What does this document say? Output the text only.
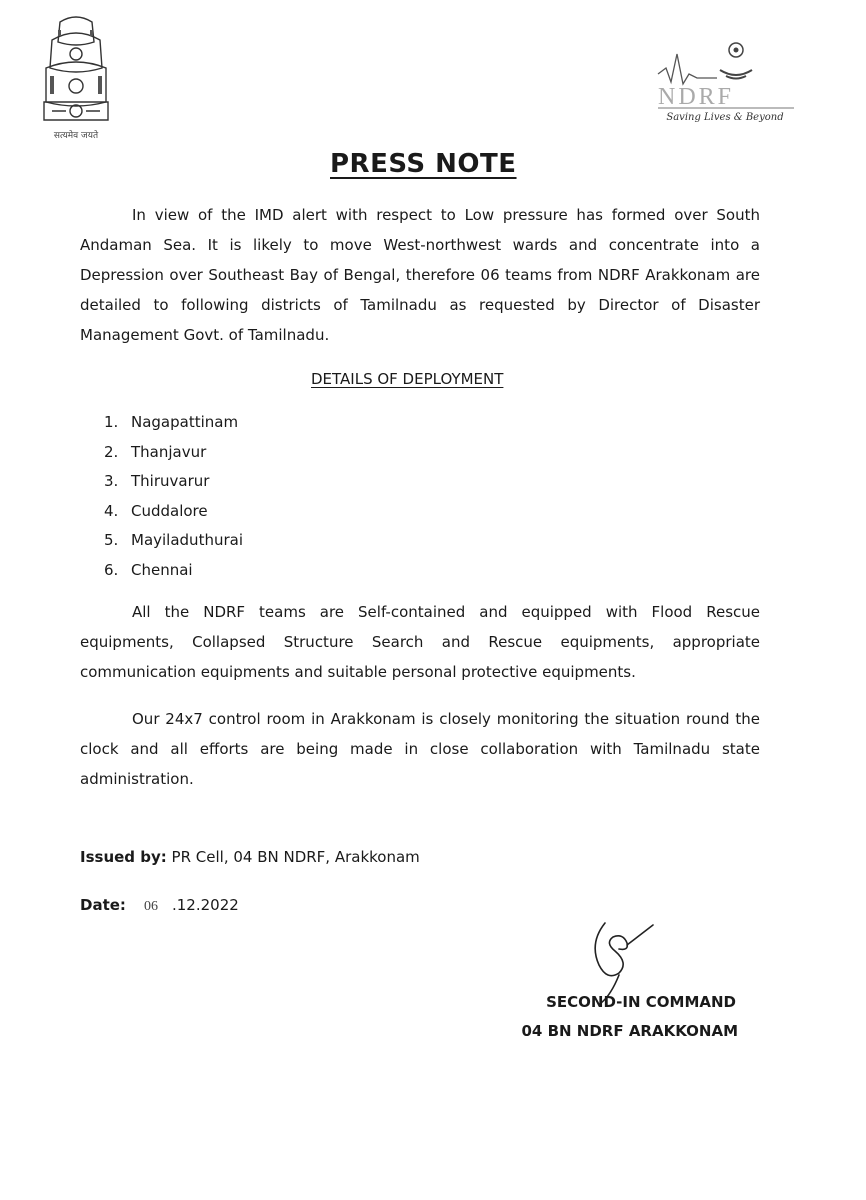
सत्यमेव जयते
NDRF
Saving Lives & Beyond
PRESS NOTE
In view of the IMD alert with respect to Low pressure has formed over South Andaman Sea. It is likely to move West-northwest wards and concentrate into a Depression over Southeast Bay of Bengal, therefore 06 teams from NDRF Arakkonam are detailed to following districts of Tamilnadu as requested by Director of Disaster Management Govt. of Tamilnadu.
DETAILS OF DEPLOYMENT
1. Nagapattinam
2. Thanjavur
3. Thiruvarur
4. Cuddalore
5. Mayiladuthurai
6. Chennai
All the NDRF teams are Self-contained and equipped with Flood Rescue equipments, Collapsed Structure Search and Rescue equipments, appropriate communication equipments and suitable personal protective equipments.
Our 24x7 control room in Arakkonam is closely monitoring the situation round the clock and all efforts are being made in close collaboration with Tamilnadu state administration.
Issued by: PR Cell, 04 BN NDRF, Arakkonam
Date: 06 .12.2022
SECOND-IN COMMAND
04 BN NDRF ARAKKONAM
